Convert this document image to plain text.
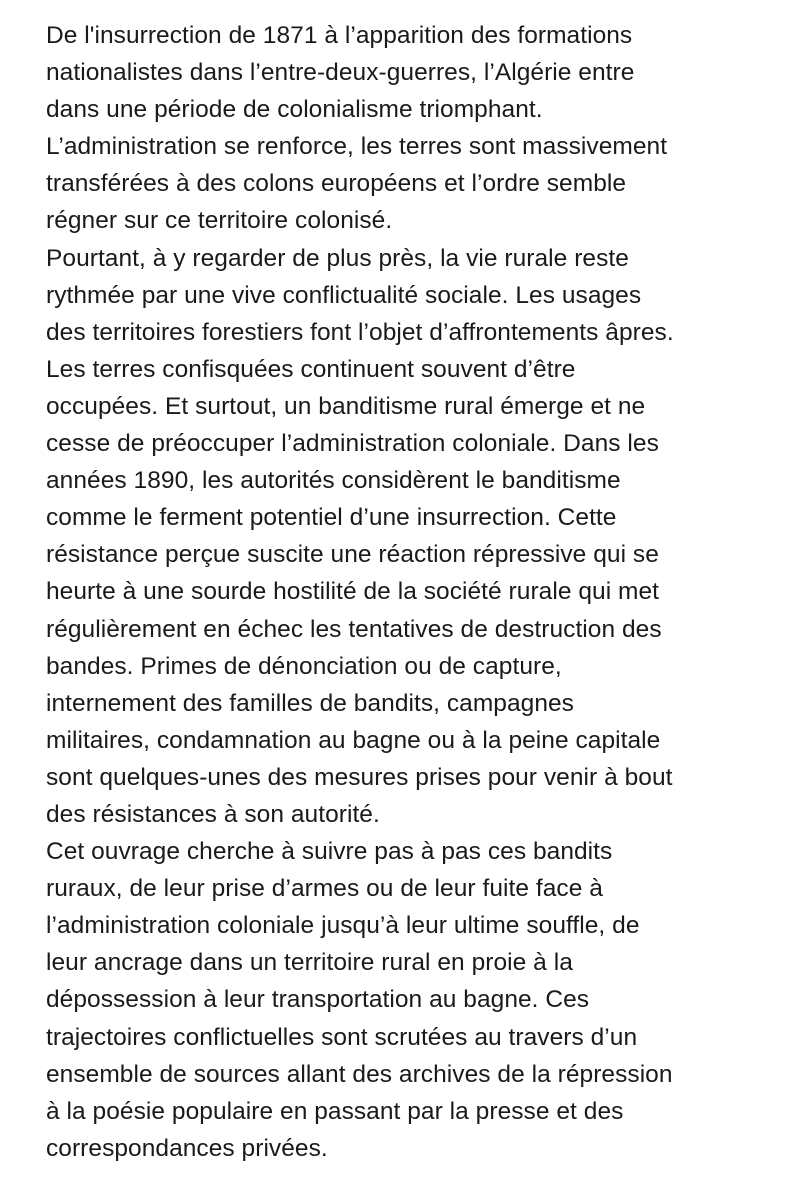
De l'insurrection de 1871 à l’apparition des formations
nationalistes dans l’entre-deux-guerres, l’Algérie entre
dans une période de colonialisme triomphant.
L’administration se renforce, les terres sont massivement
transférées à des colons européens et l’ordre semble
régner sur ce territoire colonisé.
Pourtant, à y regarder de plus près, la vie rurale reste
rythmée par une vive conflictualité sociale. Les usages
des territoires forestiers font l’objet d’affrontements âpres.
Les terres confisquées continuent souvent d’être
occupées. Et surtout, un banditisme rural émerge et ne
cesse de préoccuper l’administration coloniale. Dans les
années 1890, les autorités considèrent le banditisme
comme le ferment potentiel d’une insurrection. Cette
résistance perçue suscite une réaction répressive qui se
heurte à une sourde hostilité de la société rurale qui met
régulièrement en échec les tentatives de destruction des
bandes. Primes de dénonciation ou de capture,
internement des familles de bandits, campagnes
militaires, condamnation au bagne ou à la peine capitale
sont quelques-unes des mesures prises pour venir à bout
des résistances à son autorité.
Cet ouvrage cherche à suivre pas à pas ces bandits
ruraux, de leur prise d’armes ou de leur fuite face à
l’administration coloniale jusqu’à leur ultime souffle, de
leur ancrage dans un territoire rural en proie à la
dépossession à leur transportation au bagne. Ces
trajectoires conflictuelles sont scrutées au travers d’un
ensemble de sources allant des archives de la répression
à la poésie populaire en passant par la presse et des
correspondances privées.
